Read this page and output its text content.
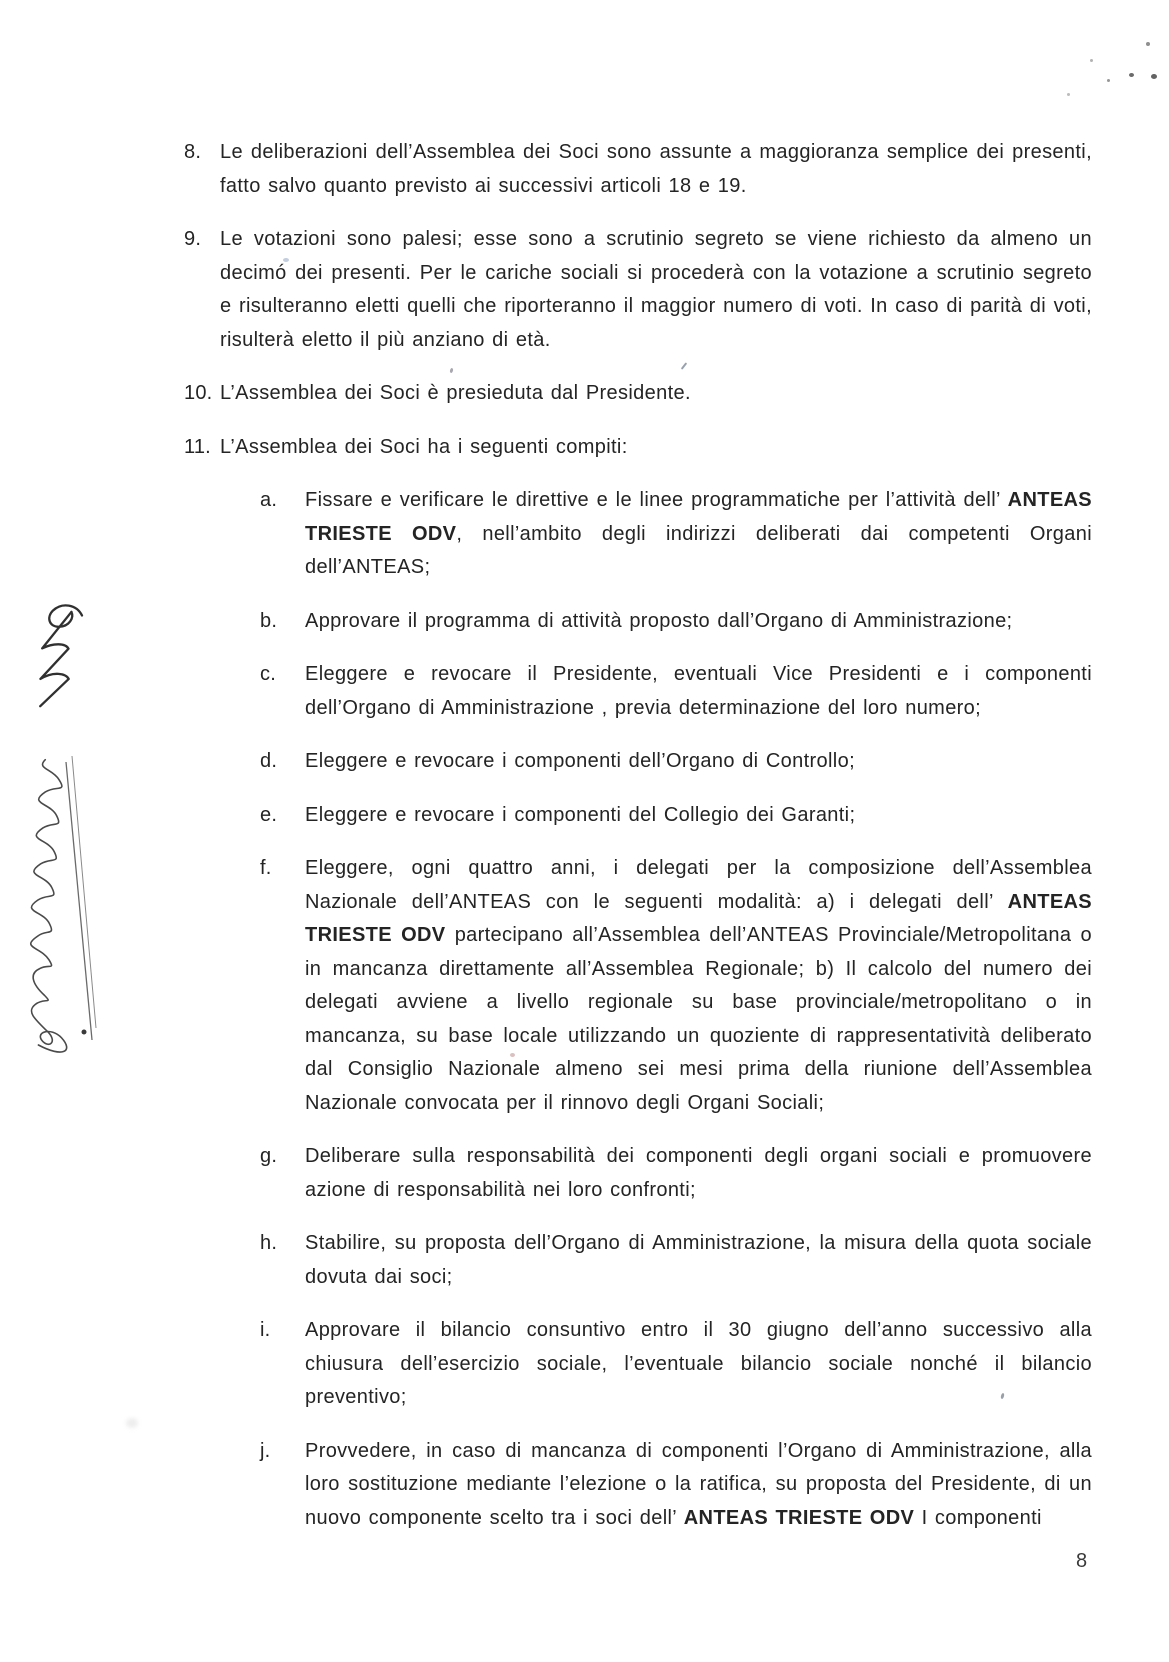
8. Le deliberazioni dell’Assemblea dei Soci sono assunte a maggioranza semplice dei presenti, fatto salvo quanto previsto ai successivi articoli 18 e 19.

9. Le votazioni sono palesi; esse sono a scrutinio segreto se viene richiesto da almeno un decimó dei presenti. Per le cariche sociali si procederà con la votazione a scrutinio segreto e risulteranno eletti quelli che riporteranno il maggior numero di voti. In caso di parità di voti, risulterà eletto il più anziano di età.

10. L’Assemblea dei Soci è presieduta dal Presidente.

11. L’Assemblea dei Soci ha i seguenti compiti:

a.	Fissare e verificare le direttive e le linee programmatiche per l’attività dell’ ANTEAS TRIESTE ODV, nell’ambito degli indirizzi deliberati dai competenti Organi dell’ANTEAS;

b.	Approvare il programma di attività proposto dall’Organo di Amministrazione;

c.	Eleggere e revocare il Presidente, eventuali Vice Presidenti e i componenti dell’Organo di Amministrazione , previa determinazione del loro numero;

d.	Eleggere e revocare i componenti dell’Organo di Controllo;

e.	Eleggere e revocare i componenti del Collegio dei Garanti;

f.	Eleggere, ogni quattro anni, i delegati per la composizione dell’Assemblea Nazionale dell’ANTEAS con le seguenti modalità: a) i delegati dell’ ANTEAS TRIESTE ODV partecipano all’Assemblea dell’ANTEAS Provinciale/Metropolitana o in mancanza direttamente all’Assemblea Regionale; b) Il calcolo del numero dei delegati avviene a livello regionale su base provinciale/metropolitano o in mancanza, su base locale utilizzando un quoziente di rappresentatività deliberato dal Consiglio Nazionale almeno sei mesi prima della riunione dell’Assemblea Nazionale convocata per il rinnovo degli Organi Sociali;

g.	Deliberare sulla responsabilità dei componenti degli organi sociali e promuovere azione di responsabilità nei loro confronti;

h.	Stabilire, su proposta dell’Organo di Amministrazione, la misura della quota sociale dovuta dai soci;

i.	Approvare il bilancio consuntivo entro il 30 giugno dell’anno successivo alla chiusura dell’esercizio sociale, l’eventuale bilancio sociale nonché il bilancio preventivo;

j.	Provvedere, in caso di mancanza di componenti l’Organo di Amministrazione, alla loro sostituzione mediante l’elezione o la ratifica, su proposta del Presidente, di un nuovo componente scelto tra i soci dell’ ANTEAS TRIESTE ODV I componenti

8
